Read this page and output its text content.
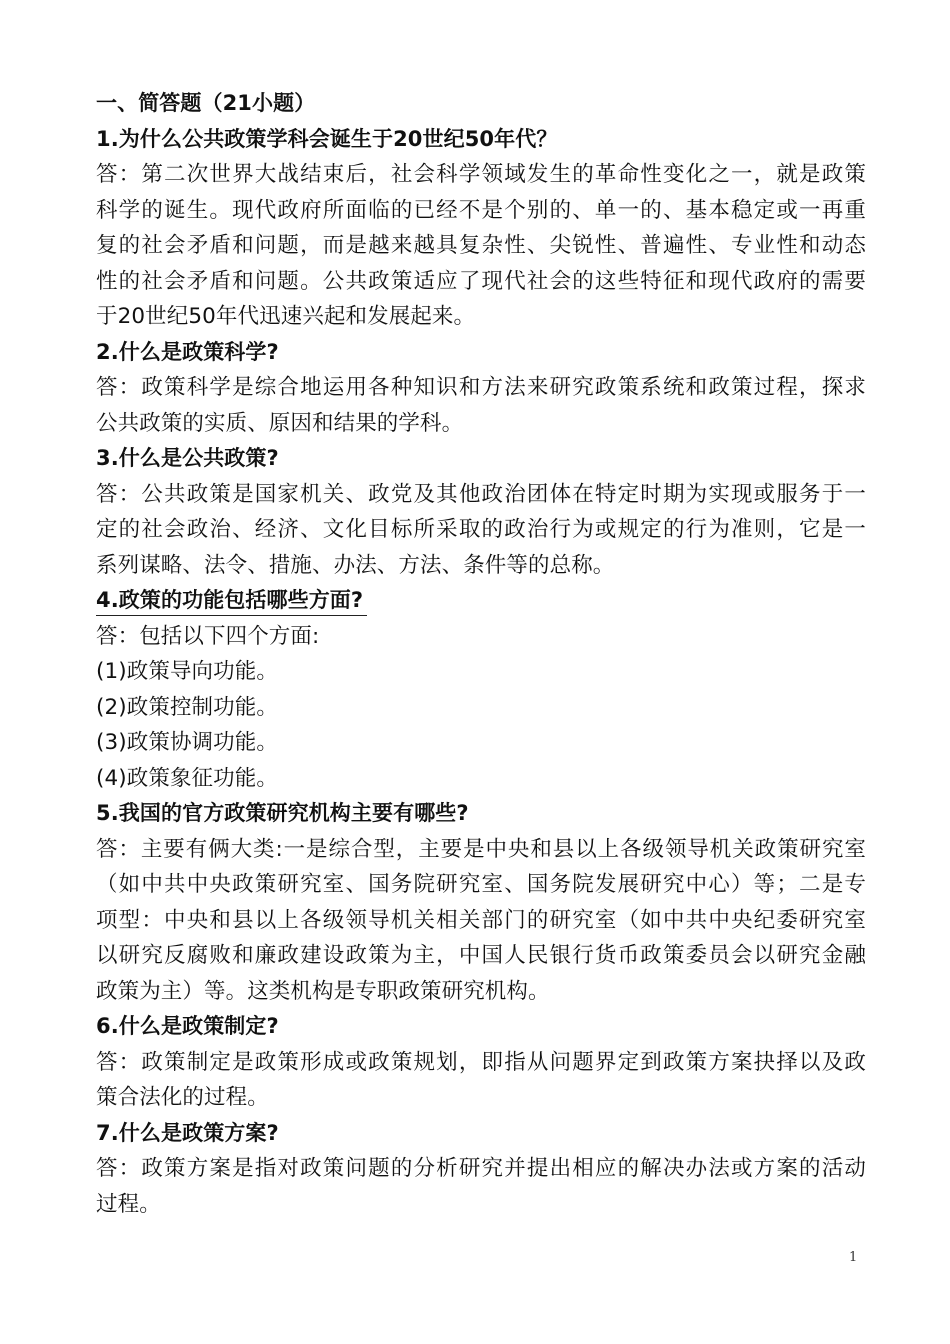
一、简答题（21小题）
1.为什么公共政策学科会诞生于20世纪50年代？
答：第二次世界大战结束后，社会科学领域发生的革命性变化之一，就是政策
科学的诞生。现代政府所面临的已经不是个别的、单一的、基本稳定或一再重
复的社会矛盾和问题，而是越来越具复杂性、尖锐性、普遍性、专业性和动态
性的社会矛盾和问题。公共政策适应了现代社会的这些特征和现代政府的需要
于20世纪50年代迅速兴起和发展起来。
2.什么是政策科学?
答：政策科学是综合地运用各种知识和方法来研究政策系统和政策过程，探求
公共政策的实质、原因和结果的学科。
3.什么是公共政策?
答：公共政策是国家机关、政党及其他政治团体在特定时期为实现或服务于一
定的社会政治、经济、文化目标所采取的政治行为或规定的行为准则，它是一
系列谋略、法令、措施、办法、方法、条件等的总称。
4.政策的功能包括哪些方面?
答：包括以下四个方面:
(1)政策导向功能。
(2)政策控制功能。
(3)政策协调功能。
(4)政策象征功能。
5.我国的官方政策研究机构主要有哪些?
答：主要有俩大类:一是综合型，主要是中央和县以上各级领导机关政策研究室
（如中共中央政策研究室、国务院研究室、国务院发展研究中心）等；二是专
项型：中央和县以上各级领导机关相关部门的研究室（如中共中央纪委研究室
以研究反腐败和廉政建设政策为主，中国人民银行货币政策委员会以研究金融
政策为主）等。这类机构是专职政策研究机构。
6.什么是政策制定?
答：政策制定是政策形成或政策规划，即指从问题界定到政策方案抉择以及政
策合法化的过程。
7.什么是政策方案?
答：政策方案是指对政策问题的分析研究并提出相应的解决办法或方案的活动
过程。
1
